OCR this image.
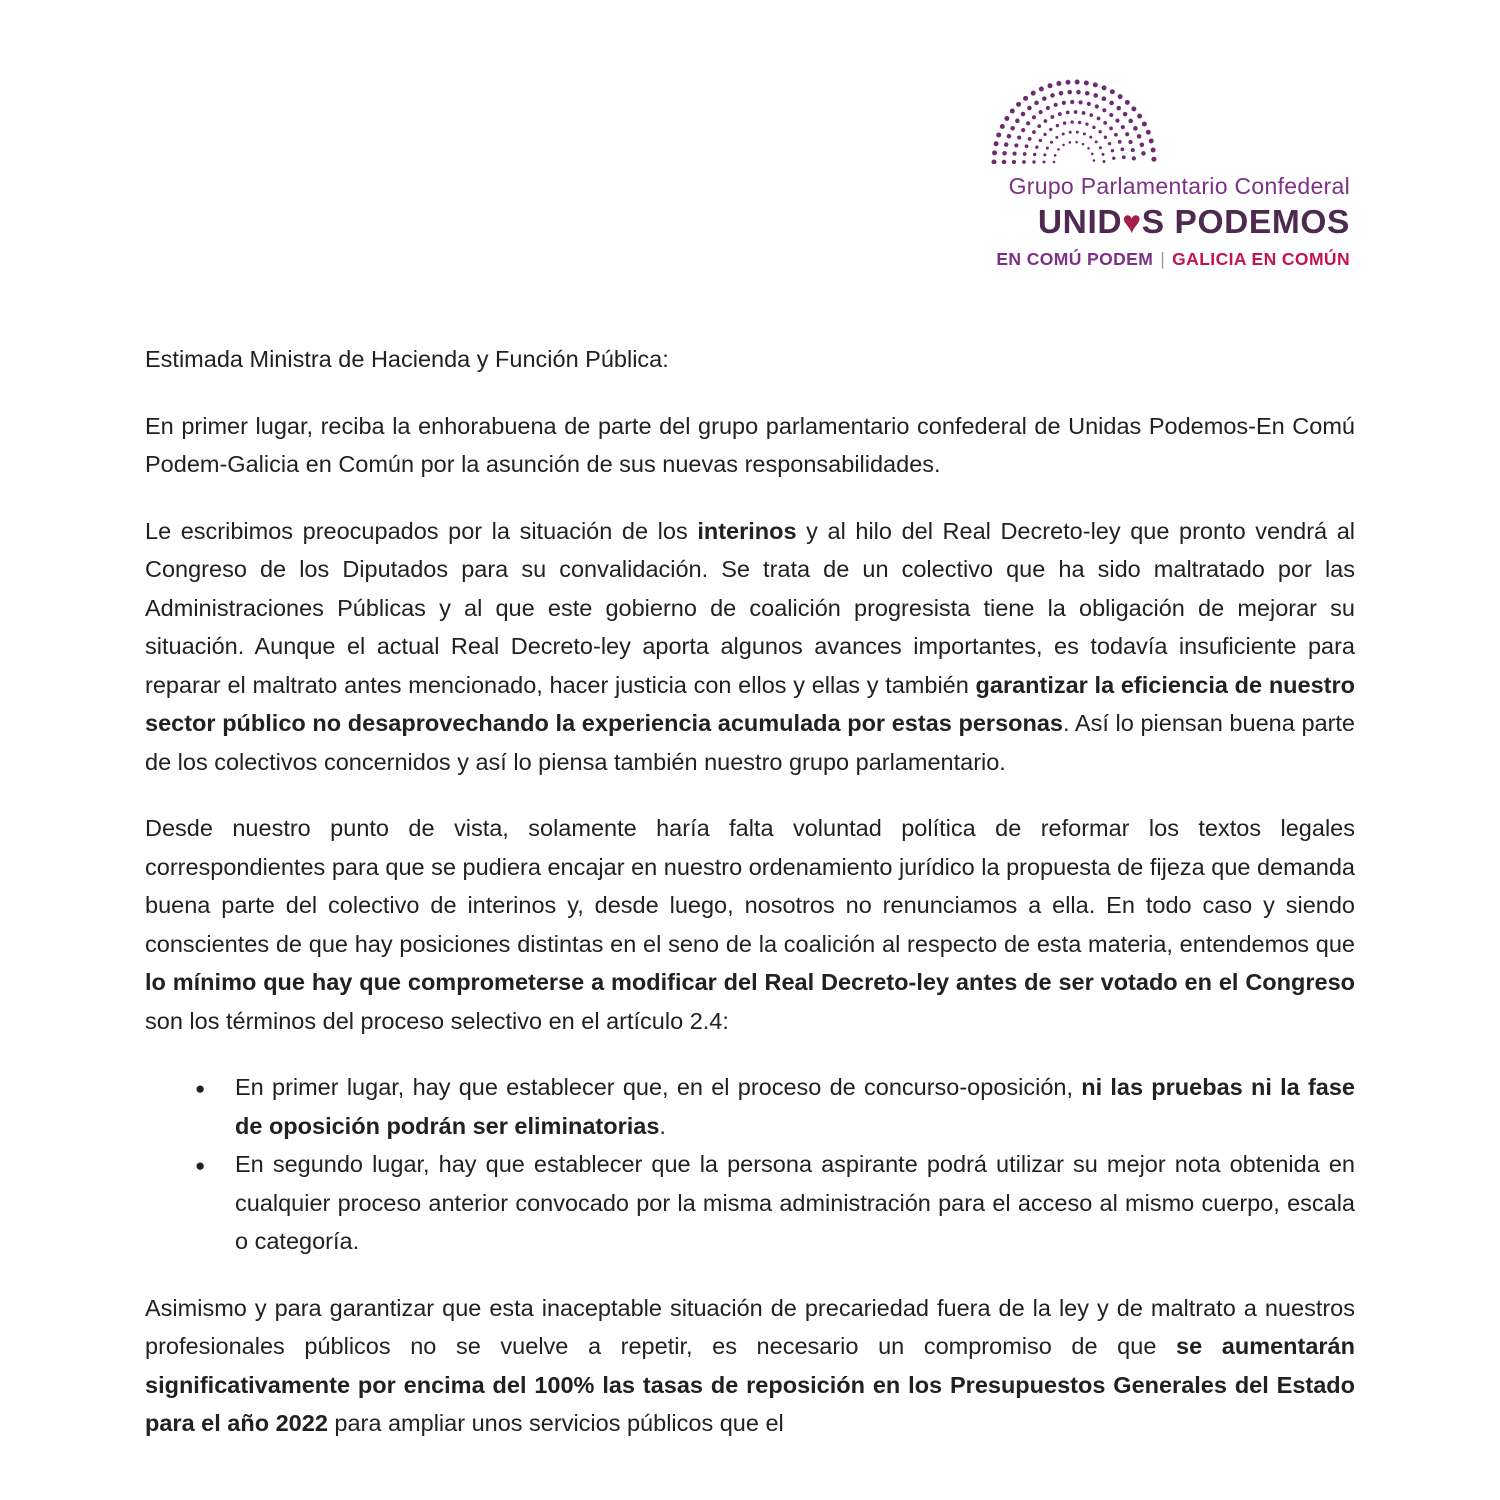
Grupo Parlamentario Confederal
UNID♥S PODEMOS
EN COMÚ PODEM | GALICIA EN COMÚN

Estimada Ministra de Hacienda y Función Pública:

En primer lugar, reciba la enhorabuena de parte del grupo parlamentario confederal de Unidas Podemos-En Comú Podem-Galicia en Común por la asunción de sus nuevas responsabilidades.

Le escribimos preocupados por la situación de los interinos y al hilo del Real Decreto-ley que pronto vendrá al Congreso de los Diputados para su convalidación. Se trata de un colectivo que ha sido maltratado por las Administraciones Públicas y al que este gobierno de coalición progresista tiene la obligación de mejorar su situación. Aunque el actual Real Decreto-ley aporta algunos avances importantes, es todavía insuficiente para reparar el maltrato antes mencionado, hacer justicia con ellos y ellas y también garantizar la eficiencia de nuestro sector público no desaprovechando la experiencia acumulada por estas personas. Así lo piensan buena parte de los colectivos concernidos y así lo piensa también nuestro grupo parlamentario.

Desde nuestro punto de vista, solamente haría falta voluntad política de reformar los textos legales correspondientes para que se pudiera encajar en nuestro ordenamiento jurídico la propuesta de fijeza que demanda buena parte del colectivo de interinos y, desde luego, nosotros no renunciamos a ella. En todo caso y siendo conscientes de que hay posiciones distintas en el seno de la coalición al respecto de esta materia, entendemos que lo mínimo que hay que comprometerse a modificar del Real Decreto-ley antes de ser votado en el Congreso son los términos del proceso selectivo en el artículo 2.4:

● En primer lugar, hay que establecer que, en el proceso de concurso-oposición, ni las pruebas ni la fase de oposición podrán ser eliminatorias.
● En segundo lugar, hay que establecer que la persona aspirante podrá utilizar su mejor nota obtenida en cualquier proceso anterior convocado por la misma administración para el acceso al mismo cuerpo, escala o categoría.

Asimismo y para garantizar que esta inaceptable situación de precariedad fuera de la ley y de maltrato a nuestros profesionales públicos no se vuelve a repetir, es necesario un compromiso de que se aumentarán significativamente por encima del 100% las tasas de reposición en los Presupuestos Generales del Estado para el año 2022 para ampliar unos servicios públicos que el
